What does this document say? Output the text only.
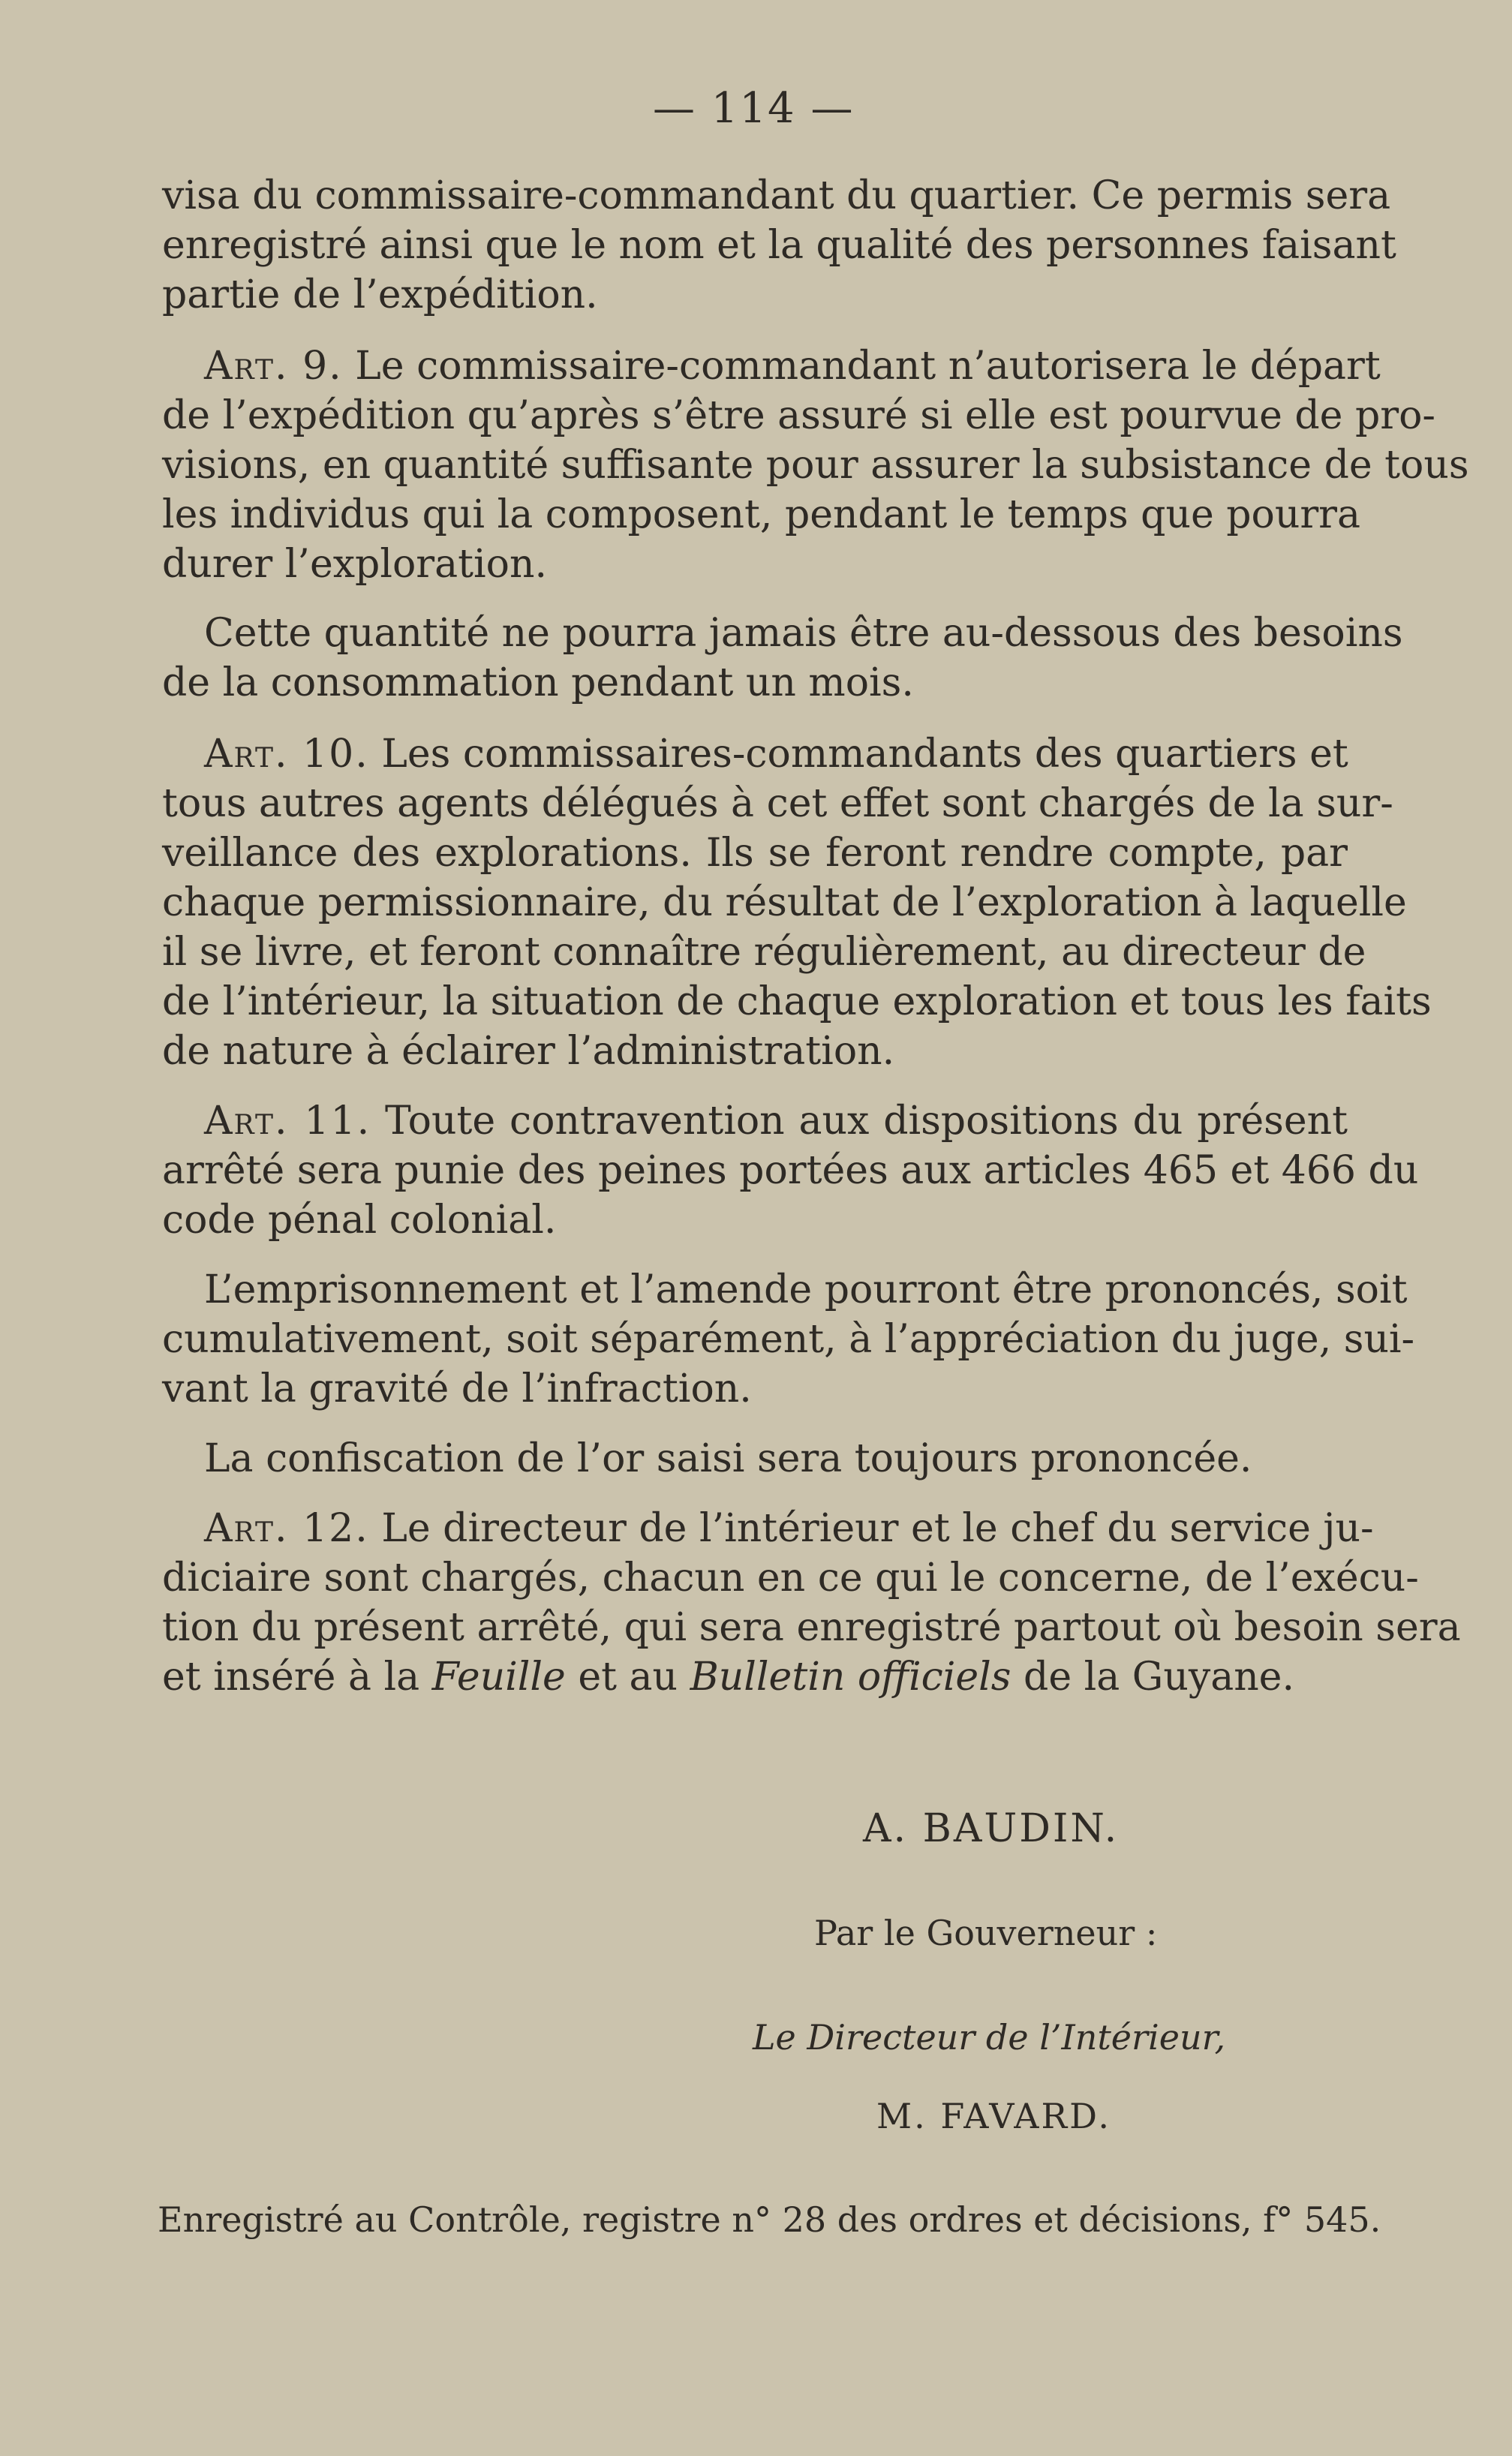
— 114 —

visa du commissaire-commandant du quartier. Ce permis sera

enregistré ainsi que le nom et la qualité des personnes faisant

partie de l’expédition.

Art. 9. Le commissaire-commandant n’autorisera le départ

de l’expédition qu’après s’être assuré si elle est pourvue de pro-

visions, en quantité suffisante pour assurer la subsistance de tous

les individus qui la composent, pendant le temps que pourra

durer l’exploration.

Cette quantité ne pourra jamais être au-dessous des besoins

de la consommation pendant un mois.

Art. 10. Les commissaires-commandants des quartiers et

tous autres agents délégués à cet effet sont chargés de la sur-

veillance des explorations. Ils se feront rendre compte, par

chaque permissionnaire, du résultat de l’exploration à laquelle

il se livre, et feront connaître régulièrement, au directeur de

de l’intérieur, la situation de chaque exploration et tous les faits

de nature à éclairer l’administration.

Art. 11. Toute contravention aux dispositions du présent

arrêté sera punie des peines portées aux articles 465 et 466 du

code pénal colonial.

L’emprisonnement et l’amende pourront être prononcés, soit

cumulativement, soit séparément, à l’appréciation du juge, sui-

vant la gravité de l’infraction.

La confiscation de l’or saisi sera toujours prononcée.

Art. 12. Le directeur de l’intérieur et le chef du service ju-

diciaire sont chargés, chacun en ce qui le concerne, de l’exécu-

tion du présent arrêté, qui sera enregistré partout où besoin sera

et inséré à la Feuille et au Bulletin officiels de la Guyane.

A. BAUDIN.
Par le Gouverneur :
Le Directeur de l’Intérieur,
M. FAVARD.
Enregistré au Contrôle, registre n° 28 des ordres et décisions, f° 545.
